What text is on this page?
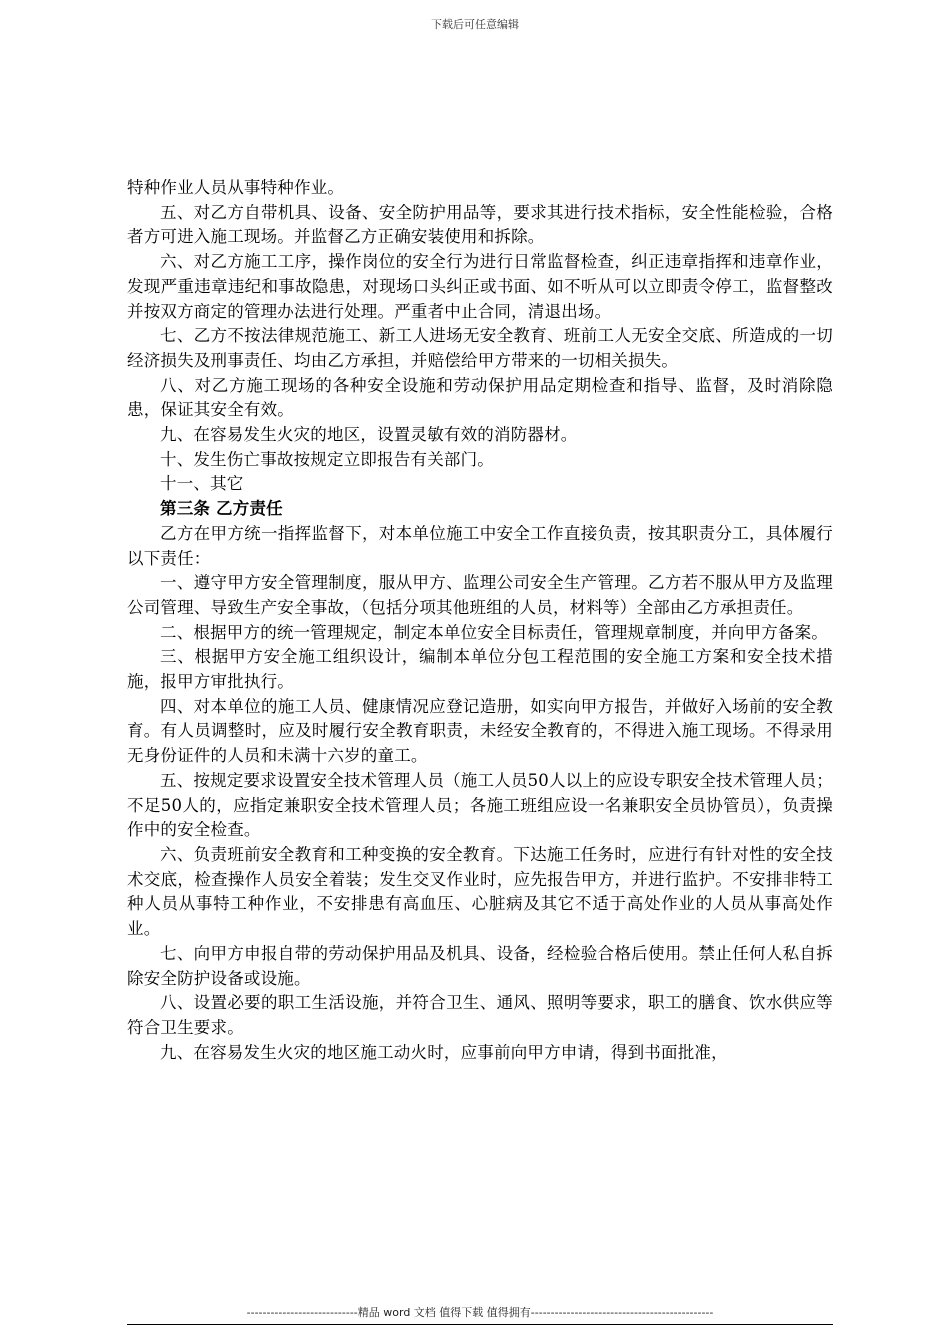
下载后可任意编辑

特种作业人员从事特种作业。

五、对乙方自带机具、设备、安全防护用品等，要求其进行技术指标，安全性能检验，合格者方可进入施工现场。并监督乙方正确安装使用和拆除。

六、对乙方施工工序，操作岗位的安全行为进行日常监督检查，纠正违章指挥和违章作业，发现严重违章违纪和事故隐患，对现场口头纠正或书面、如不听从可以立即责令停工，监督整改并按双方商定的管理办法进行处理。严重者中止合同，清退出场。

七、乙方不按法律规范施工、新工人进场无安全教育、班前工人无安全交底、所造成的一切经济损失及刑事责任、均由乙方承担，并赔偿给甲方带来的一切相关损失。

八、对乙方施工现场的各种安全设施和劳动保护用品定期检查和指导、监督，及时消除隐患，保证其安全有效。

九、在容易发生火灾的地区，设置灵敏有效的消防器材。

十、发生伤亡事故按规定立即报告有关部门。

十一、其它

第三条 乙方责任

乙方在甲方统一指挥监督下，对本单位施工中安全工作直接负责，按其职责分工，具体履行以下责任：

一、遵守甲方安全管理制度，服从甲方、监理公司安全生产管理。乙方若不服从甲方及监理公司管理、导致生产安全事故，（包括分项其他班组的人员，材料等）全部由乙方承担责任。

二、根据甲方的统一管理规定，制定本单位安全目标责任，管理规章制度，并向甲方备案。

三、根据甲方安全施工组织设计，编制本单位分包工程范围的安全施工方案和安全技术措施，报甲方审批执行。

四、对本单位的施工人员、健康情况应登记造册，如实向甲方报告，并做好入场前的安全教育。有人员调整时，应及时履行安全教育职责，未经安全教育的，不得进入施工现场。不得录用无身份证件的人员和未满十六岁的童工。

五、按规定要求设置安全技术管理人员（施工人员50人以上的应设专职安全技术管理人员；不足50人的，应指定兼职安全技术管理人员；各施工班组应设一名兼职安全员协管员），负责操作中的安全检查。

六、负责班前安全教育和工种变换的安全教育。下达施工任务时，应进行有针对性的安全技术交底，检查操作人员安全着装；发生交叉作业时，应先报告甲方，并进行监护。不安排非特工种人员从事特工种作业，不安排患有高血压、心脏病及其它不适于高处作业的人员从事高处作业。

七、向甲方申报自带的劳动保护用品及机具、设备，经检验合格后使用。禁止任何人私自拆除安全防护设备或设施。

八、设置必要的职工生活设施，并符合卫生、通风、照明等要求，职工的膳食、饮水供应等符合卫生要求。

九、在容易发生火灾的地区施工动火时，应事前向甲方申请，得到书面批准，

----------------------------精品 word 文档 值得下载 值得拥有----------------------------------------------
